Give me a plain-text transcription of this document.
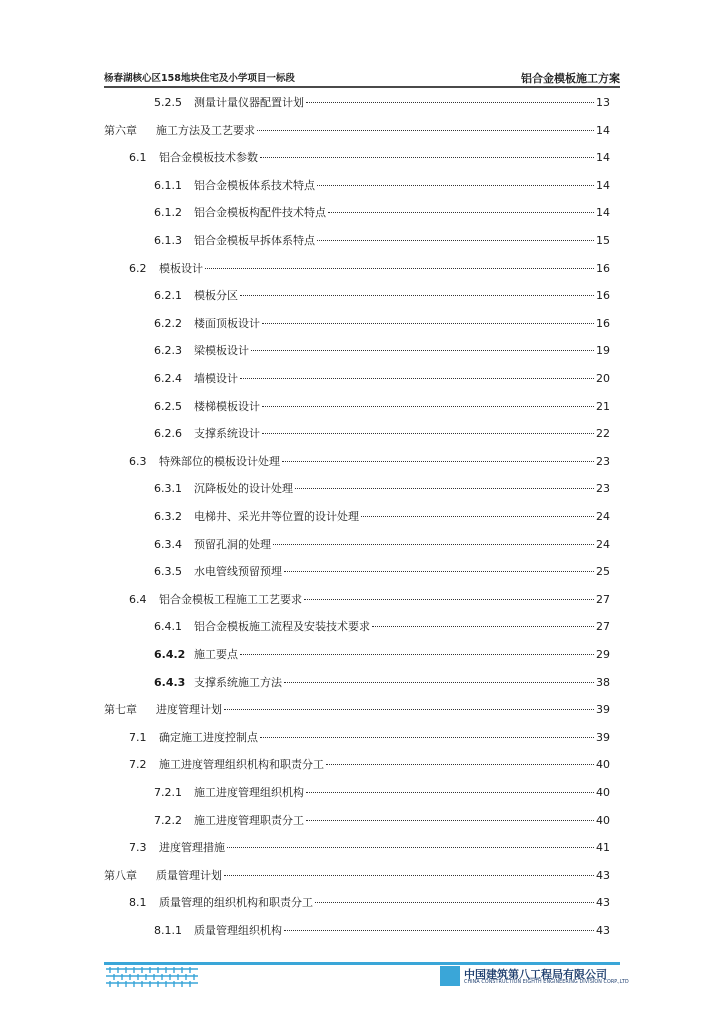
杨春湖核心区158地块住宅及小学项目一标段	铝合金模板施工方案
5.2.5	测量计量仪器配置计划	13
第六章	施工方法及工艺要求	14
6.1	铝合金模板技术参数	14
6.1.1	铝合金模板体系技术特点	14
6.1.2	铝合金模板构配件技术特点	14
6.1.3	铝合金模板早拆体系特点	15
6.2	模板设计	16
6.2.1	模板分区	16
6.2.2	楼面顶板设计	16
6.2.3	梁模板设计	19
6.2.4	墙模设计	20
6.2.5	楼梯模板设计	21
6.2.6	支撑系统设计	22
6.3	特殊部位的模板设计处理	23
6.3.1	沉降板处的设计处理	23
6.3.2	电梯井、采光井等位置的设计处理	24
6.3.4	预留孔洞的处理	24
6.3.5	水电管线预留预埋	25
6.4	铝合金模板工程施工工艺要求	27
6.4.1	铝合金模板施工流程及安装技术要求	27
6.4.2 施工要点	29
6.4.3 支撑系统施工方法	38
第七章	进度管理计划	39
7.1	确定施工进度控制点	39
7.2	施工进度管理组织机构和职责分工	40
7.2.1	施工进度管理组织机构	40
7.2.2	施工进度管理职责分工	40
7.3	进度管理措施	41
第八章	质量管理计划	43
8.1	质量管理的组织机构和职责分工	43
8.1.1	质量管理组织机构	43
中国建筑第八工程局有限公司
CHINA CONSTRUCTION EIGHTH ENGINEERING DIVISION CORP.,LTD
